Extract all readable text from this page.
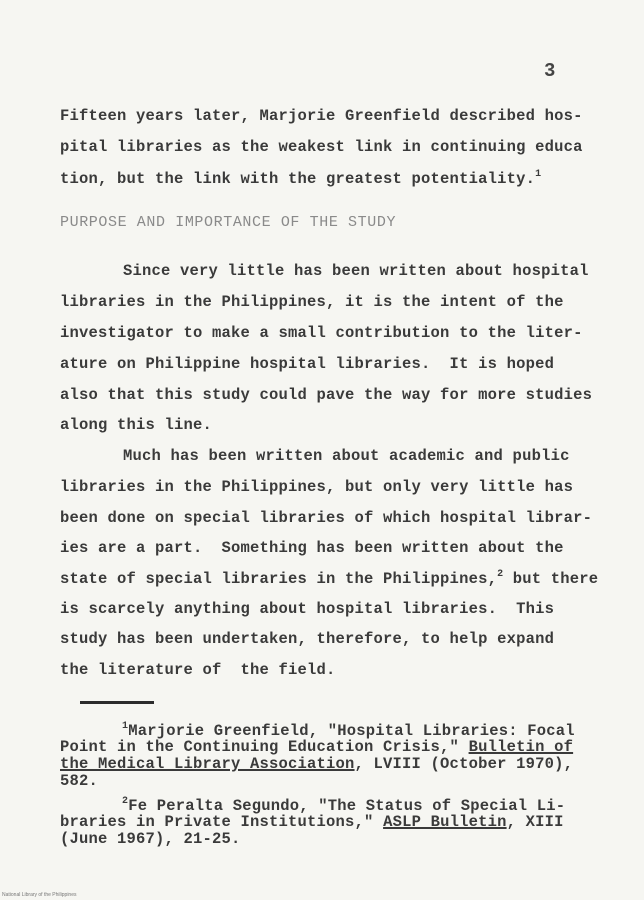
3
Fifteen years later, Marjorie Greenfield described hos-
pital libraries as the weakest link in continuing educa
tion, but the link with the greatest potentiality.$^1$
PURPOSE AND IMPORTANCE OF THE STUDY
Since very little has been written about hospital
libraries in the Philippines, it is the intent of the
investigator to make a small contribution to the liter-
ature on Philippine hospital libraries.  It is hoped
also that this study could pave the way for more studies
along this line.
Much has been written about academic and public
libraries in the Philippines, but only very little has
been done on special libraries of which hospital librar-
ies are a part.  Something has been written about the
state of special libraries in the Philippines,$^2$ but there
is scarcely anything about hospital libraries.  This
study has been undertaken, therefore, to help expand
the literature of  the field.
$^1$Marjorie Greenfield, "Hospital Libraries: Focal
Point in the Continuing Education Crisis," Bulletin of
the Medical Library Association, LVIII (October 1970),
582.
$^2$Fe Peralta Segundo, "The Status of Special Li-
braries in Private Institutions," ASLP Bulletin, XIII
(June 1967), 21-25.
National Library of the Philippines
